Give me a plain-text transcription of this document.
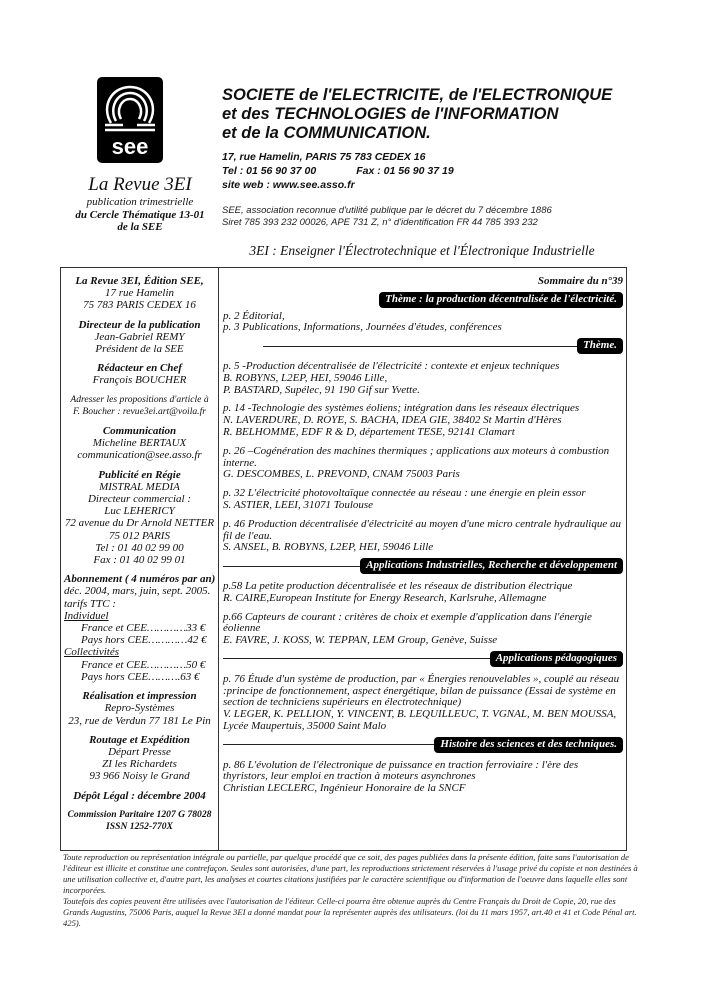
see
SOCIETE de l'ELECTRICITE, de l'ELECTRONIQUE
et des TECHNOLOGIES de l'INFORMATION
et de la COMMUNICATION.
17, rue Hamelin, PARIS 75 783 CEDEX 16
Tel : 01 56 90 37 00	Fax : 01 56 90 37 19
site web : www.see.asso.fr
SEE, association reconnue d'utilité publique par le décret du 7 décembre 1886
Siret 785 393 232 00026, APE 731 Z, n° d'identification FR 44 785 393 232
La Revue 3EI
publication trimestrielle
du Cercle Thématique 13-01
de la SEE
3EI : Enseigner l'Électrotechnique et l'Électronique Industrielle
La Revue 3EI, Édition SEE,
17 rue Hamelin
75 783 PARIS CEDEX 16
Directeur de la publication
Jean-Gabriel REMY
Président de la SEE
Rédacteur en Chef
François BOUCHER
Adresser les propositions d'article à
F. Boucher : revue3ei.art@voila.fr
Communication
Micheline BERTAUX
communication@see.asso.fr
Publicité en Régie
MISTRAL MEDIA
Directeur commercial :
Luc LEHERICY
72 avenue du Dr Arnold NETTER
75 012 PARIS
Tel : 01 40 02 99 00
Fax : 01 40 02 99 01
Abonnement ( 4 numéros par an)
déc. 2004, mars, juin, sept. 2005.
tarifs TTC :
Individuel
France et CEE…………33 €
Pays hors CEE…………42 €
Collectivités
France et CEE…………50 €
Pays hors CEE……….63 €
Réalisation et impression
Repro-Systèmes
23, rue de Verdun 77 181 Le Pin
Routage et Expédition
Départ Presse
ZI les Richardets
93 966 Noisy le Grand
Dépôt Légal : décembre 2004
Commission Paritaire 1207 G 78028
ISSN 1252-770X
Sommaire du n°39
Thème : la production décentralisée de l'électricité.
p. 2 Éditorial,
p. 3 Publications, Informations, Journées d'études, conférences
Thème.
p. 5 -Production décentralisée de l'électricité : contexte et enjeux techniques
B. ROBYNS, L2EP, HEI, 59046 Lille,
P. BASTARD, Supélec, 91 190 Gif sur Yvette.
p. 14 -Technologie des systèmes éoliens; intégration dans les réseaux électriques
N. LAVERDURE, D. ROYE, S. BACHA, IDEA GIE, 38402 St Martin d'Hères
R. BELHOMME, EDF R & D, département TESE, 92141 Clamart
p. 26 –Cogénération des machines thermiques ; applications aux moteurs à combustion interne.
G. DESCOMBES, L. PREVOND, CNAM 75003 Paris
p. 32 L'électricité photovoltaïque connectée au réseau : une énergie en plein essor
S. ASTIER, LEEI, 31071 Toulouse
p. 46 Production décentralisée d'électricité au moyen d'une micro centrale hydraulique au fil de l'eau.
S. ANSEL, B. ROBYNS, L2EP, HEI, 59046 Lille
Applications Industrielles, Recherche et développement
p.58 La petite production décentralisée et les réseaux de distribution électrique
R. CAIRE,European Institute for Energy Research, Karlsruhe, Allemagne
p.66 Capteurs de courant : critères de choix et exemple d'application dans l'énergie éolienne
E. FAVRE, J. KOSS, W. TEPPAN, LEM Group, Genève, Suisse
Applications pédagogiques
p. 76 Étude d'un système de production, par « Énergies renouvelables », couplé au réseau :principe de fonctionnement, aspect énergétique, bilan de puissance (Essai de système en section de techniciens supérieurs en électrotechnique)
V. LEGER, K. PELLION, Y. VINCENT, B. LEQUILLEUC, T. VGNAL, M. BEN MOUSSA, Lycée Maupertuis, 35000 Saint Malo
Histoire des sciences et des techniques.
p. 86 L'évolution de l'électronique de puissance en traction ferroviaire : l'ère des thyristors, leur emploi en traction à moteurs asynchrones
Christian LECLERC, Ingénieur Honoraire de la SNCF
Toute reproduction ou représentation intégrale ou partielle, par quelque procédé que ce soit, des pages publiées dans la présente édition, faite sans l'autorisation de l'éditeur est illicite et constitue une contrefaçon. Seules sont autorisées, d'une part, les reproductions strictement réservées à l'usage privé du copiste et non destinées à une utilisation collective et, d'autre part, les analyses et courtes citations justifiées par le caractère scientifique ou d'information de l'oeuvre dans laquelle elles sont incorporées.
Toutefois des copies peuvent être utilisées avec l'autorisation de l'éditeur. Celle-ci pourra être obtenue auprès du Centre Français du Droit de Copie, 20, rue des Grands Augustins, 75006 Paris, auquel la Revue 3EI a donné mandat pour la représenter auprès des utilisateurs. (loi du 11 mars 1957, art.40 et 41 et Code Pénal art. 425).
